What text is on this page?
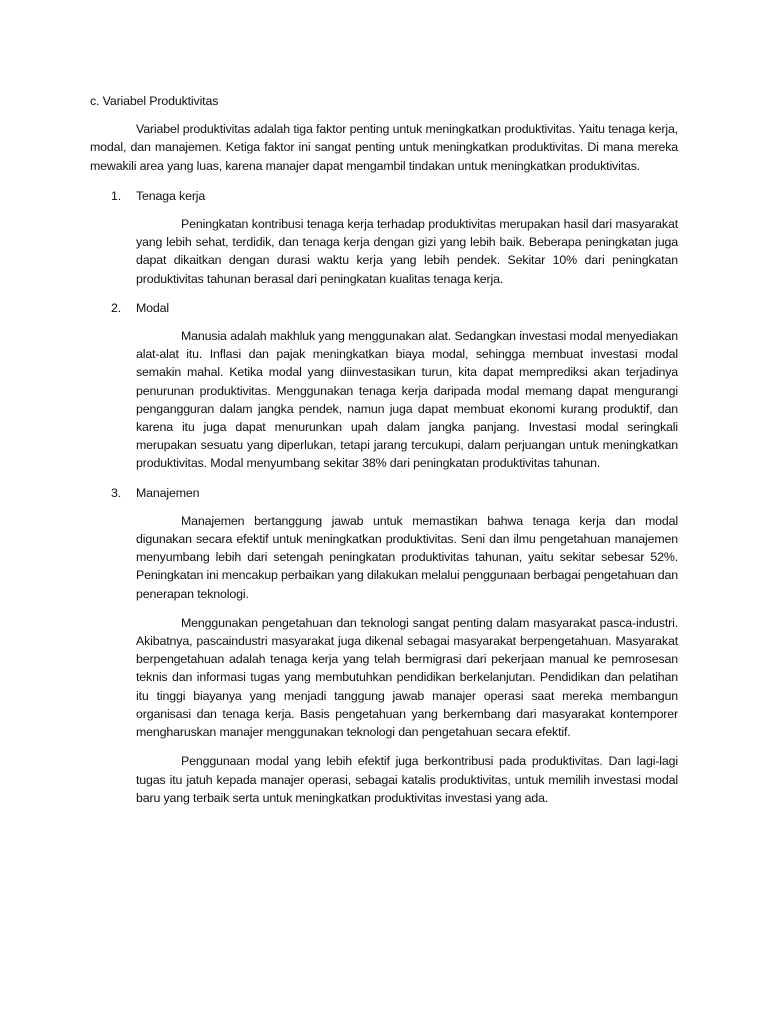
c. Variabel Produktivitas

Variabel produktivitas adalah tiga faktor penting untuk meningkatkan produktivitas. Yaitu tenaga kerja, modal, dan manajemen. Ketiga faktor ini sangat penting untuk meningkatkan produktivitas. Di mana mereka mewakili area yang luas, karena manajer dapat mengambil tindakan untuk meningkatkan produktivitas.

1.	Tenaga kerja

Peningkatan kontribusi tenaga kerja terhadap produktivitas merupakan hasil dari masyarakat yang lebih sehat, terdidik, dan tenaga kerja dengan gizi yang lebih baik. Beberapa peningkatan juga dapat dikaitkan dengan durasi waktu kerja yang lebih pendek. Sekitar 10% dari peningkatan produktivitas tahunan berasal dari peningkatan kualitas tenaga kerja.

2.	Modal

Manusia adalah makhluk yang menggunakan alat. Sedangkan investasi modal menyediakan alat-alat itu. Inflasi dan pajak meningkatkan biaya modal, sehingga membuat investasi modal semakin mahal. Ketika modal yang diinvestasikan turun, kita dapat memprediksi akan terjadinya penurunan produktivitas. Menggunakan tenaga kerja daripada modal memang dapat mengurangi pengangguran dalam jangka pendek, namun juga dapat membuat ekonomi kurang produktif, dan karena itu juga dapat menurunkan upah dalam jangka panjang. Investasi modal seringkali merupakan sesuatu yang diperlukan, tetapi jarang tercukupi, dalam perjuangan untuk meningkatkan produktivitas. Modal menyumbang sekitar 38% dari peningkatan produktivitas tahunan.

3.	Manajemen

Manajemen bertanggung jawab untuk memastikan bahwa tenaga kerja dan modal digunakan secara efektif untuk meningkatkan produktivitas. Seni dan ilmu pengetahuan manajemen menyumbang lebih dari setengah peningkatan produktivitas tahunan, yaitu sekitar sebesar 52%. Peningkatan ini mencakup perbaikan yang dilakukan melalui penggunaan berbagai pengetahuan dan penerapan teknologi.

Menggunakan pengetahuan dan teknologi sangat penting dalam masyarakat pasca-industri. Akibatnya, pascaindustri masyarakat juga dikenal sebagai masyarakat berpengetahuan. Masyarakat berpengetahuan adalah tenaga kerja yang telah bermigrasi dari pekerjaan manual ke pemrosesan teknis dan informasi tugas yang membutuhkan pendidikan berkelanjutan. Pendidikan dan pelatihan itu tinggi biayanya yang menjadi tanggung jawab manajer operasi saat mereka membangun organisasi dan tenaga kerja. Basis pengetahuan yang berkembang dari masyarakat kontemporer mengharuskan manajer menggunakan teknologi dan pengetahuan secara efektif.

Penggunaan modal yang lebih efektif juga berkontribusi pada produktivitas. Dan lagi-lagi tugas itu jatuh kepada manajer operasi, sebagai katalis produktivitas, untuk memilih investasi modal baru yang terbaik serta untuk meningkatkan produktivitas investasi yang ada.
